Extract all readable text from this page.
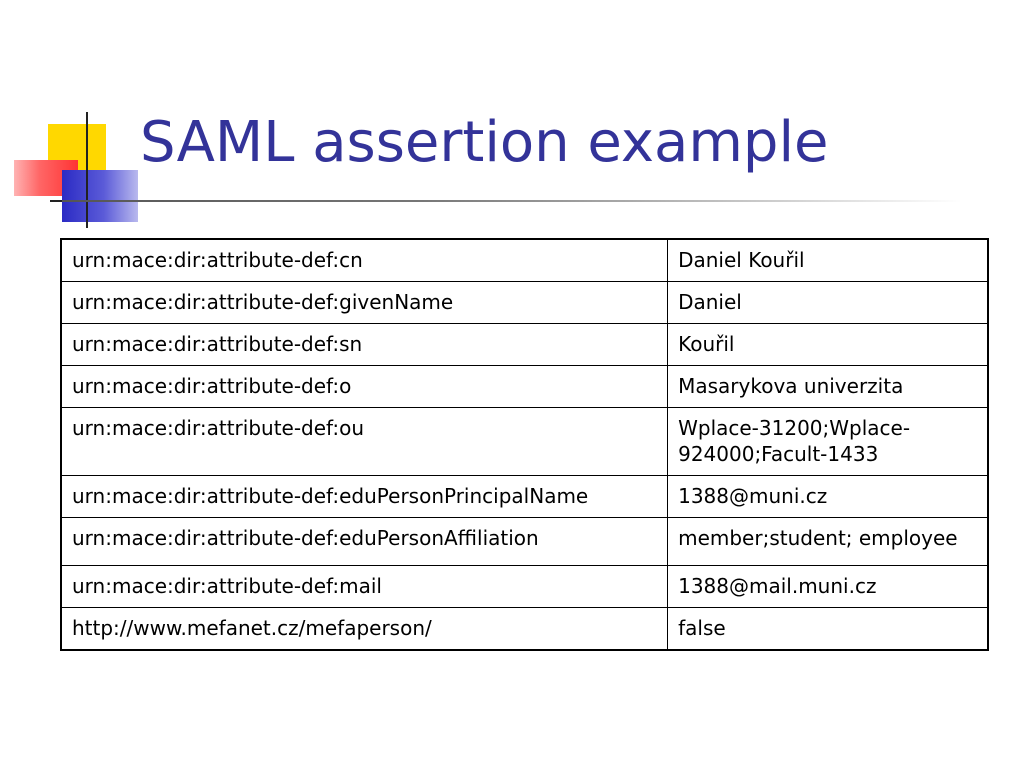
SAML assertion example
urn:mace:dir:attribute-def:cn	Daniel Kouřil
urn:mace:dir:attribute-def:givenName	Daniel
urn:mace:dir:attribute-def:sn	Kouřil
urn:mace:dir:attribute-def:o	Masarykova univerzita
urn:mace:dir:attribute-def:ou	Wplace-31200;Wplace-924000;Facult-1433
urn:mace:dir:attribute-def:eduPersonPrincipalName	1388@muni.cz
urn:mace:dir:attribute-def:eduPersonAffiliation	member;student; employee
urn:mace:dir:attribute-def:mail	1388@mail.muni.cz
http://www.mefanet.cz/mefaperson/	false
